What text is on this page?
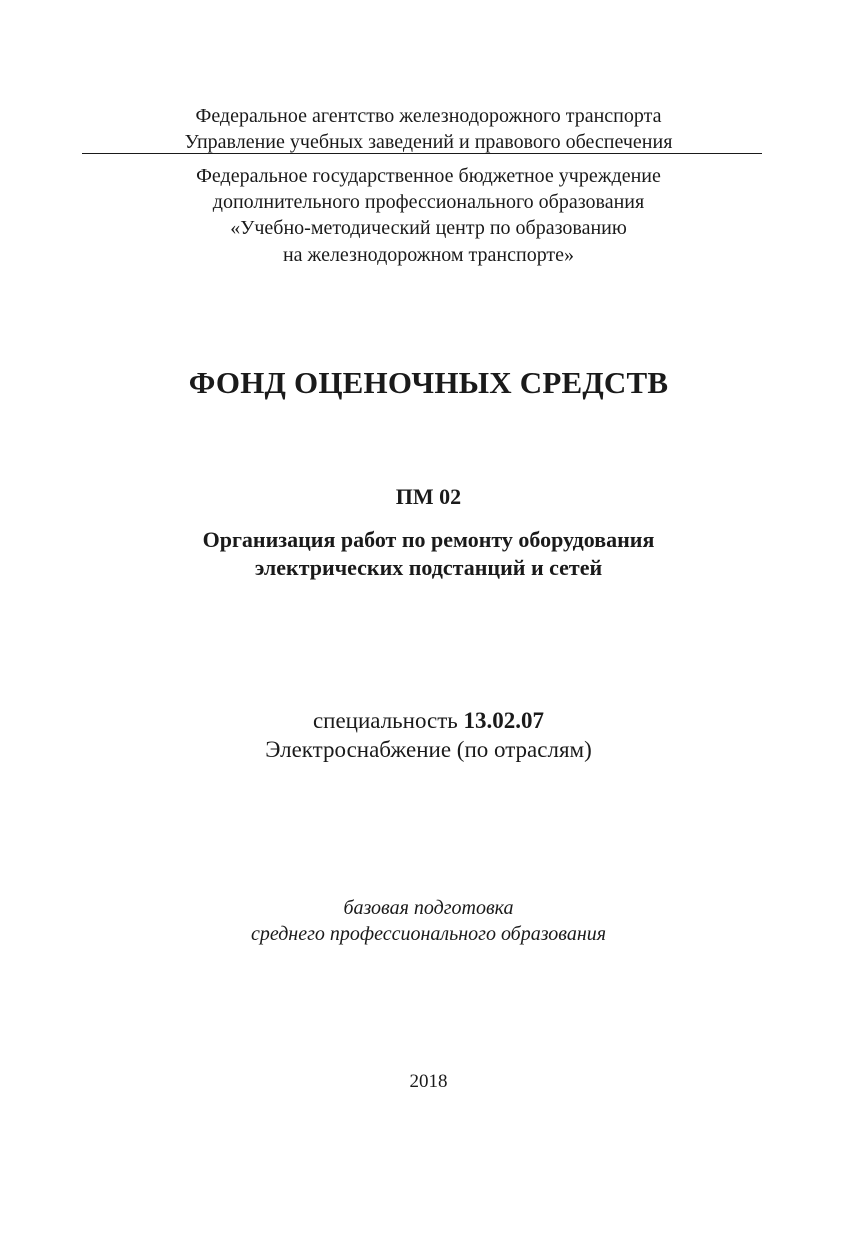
Федеральное агентство железнодорожного транспорта
Управление учебных заведений и правового обеспечения
Федеральное государственное бюджетное учреждение
дополнительного профессионального образования
«Учебно-методический центр по образованию
на железнодорожном транспорте»
ФОНД ОЦЕНОЧНЫХ СРЕДСТВ
ПМ 02
Организация работ по ремонту оборудования
электрических подстанций и сетей
специальность 13.02.07
Электроснабжение (по отраслям)
базовая подготовка
среднего профессионального образования
2018
